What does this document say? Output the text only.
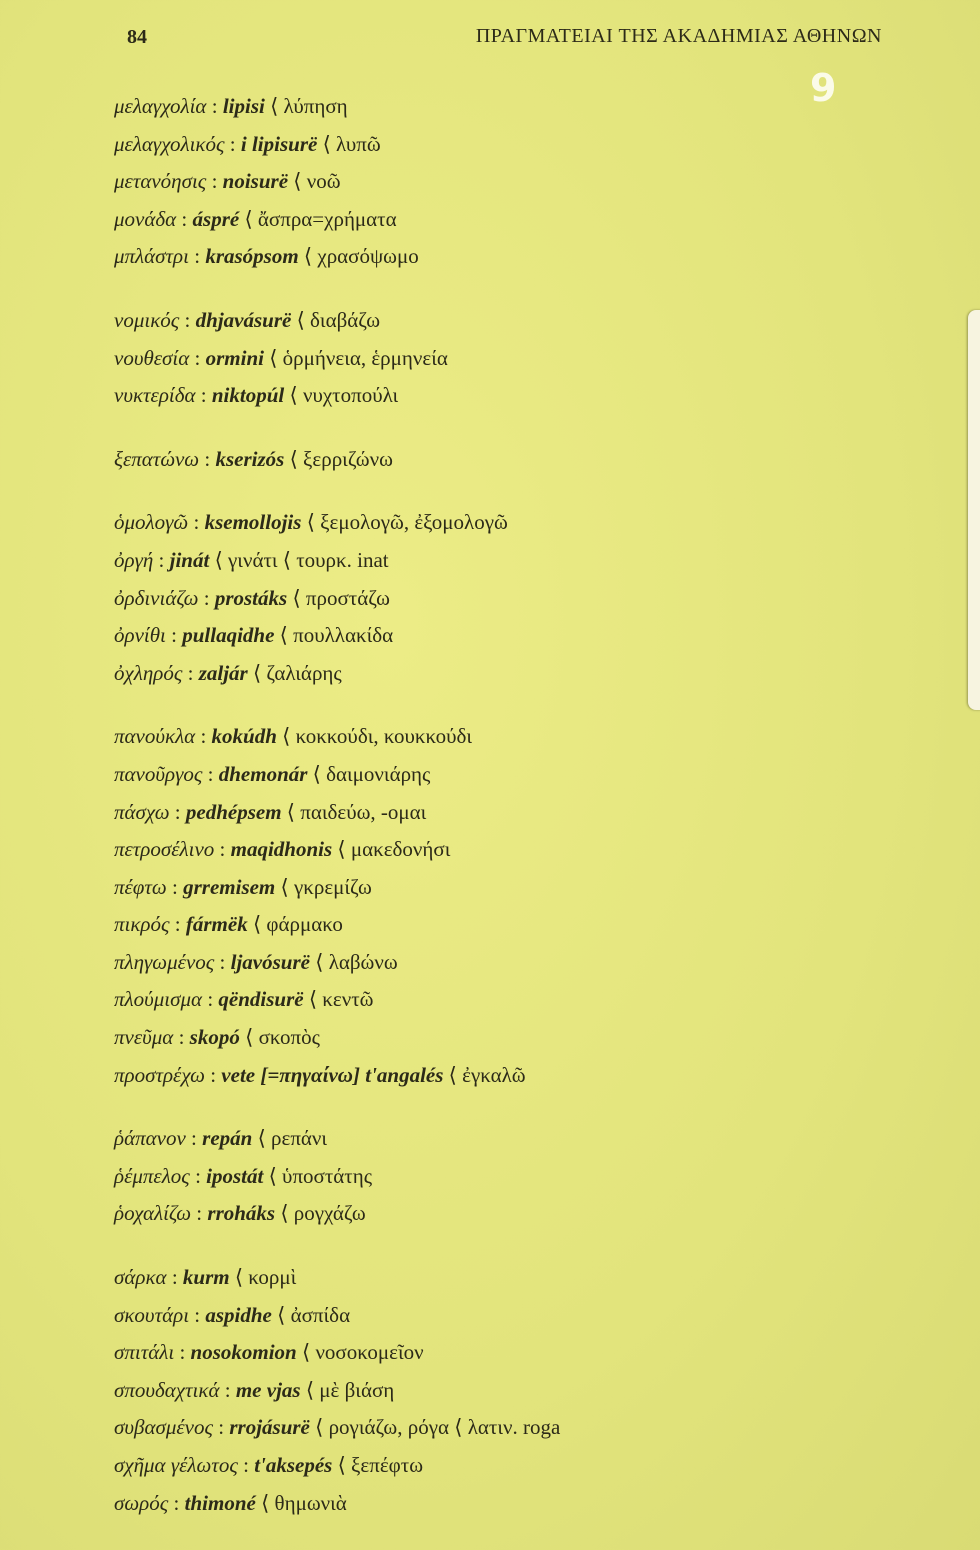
84	ΠΡΑΓΜΑΤΕΙΑΙ ΤΗΣ ΑΚΑΔΗΜΙΑΣ ΑΘΗΝΩΝ
9
μελαγχολία : lipisi ⟨ λύπηση
μελαγχολικός : i lipisurë ⟨ λυπῶ
μετανόησις : noisurë ⟨ νοῶ
μονάδα : áspré ⟨ ἄσπρα=χρήματα
μπλάστρι : krasópsom ⟨ χρασόψωμο
νομικός : dhjavásurë ⟨ διαβάζω
νουθεσία : ormini ⟨ ὁρμήνεια, ἑρμηνεία
νυκτερίδα : niktopúl ⟨ νυχτοπούλι
ξεπατώνω : kserizós ⟨ ξερριζώνω
ὁμολογῶ : ksemollojis ⟨ ξεμολογῶ, ἐξομολογῶ
ὀργή : jinát ⟨ γινάτι ⟨ τουρκ. inat
ὀρδινιάζω : prostáks ⟨ προστάζω
ὀρνίθι : pullaqidhe ⟨ πουλλακίδα
ὀχληρός : zaljár ⟨ ζαλιάρης
πανούκλα : kokúdh ⟨ κοκκούδι, κουκκούδι
πανοῦργος : dhemonár ⟨ δαιμονιάρης
πάσχω : pedhépsem ⟨ παιδεύω, -ομαι
πετροσέλινο : maqidhonis ⟨ μακεδονήσι
πέφτω : grremisem ⟨ γκρεμίζω
πικρός : fármëk ⟨ φάρμακο
πληγωμένος : ljavósurë ⟨ λαβώνω
πλούμισμα : qëndisurë ⟨ κεντῶ
πνεῦμα : skopó ⟨ σκοπὸς
προστρέχω : vete [=πηγαίνω] t'angalés ⟨ ἐγκαλῶ
ῥάπανον : repán ⟨ ρεπάνι
ῥέμπελος : ipostát ⟨ ὑποστάτης
ῥοχαλίζω : rroháks ⟨ ρογχάζω
σάρκα : kurm ⟨ κορμὶ
σκουτάρι : aspidhe ⟨ ἀσπίδα
σπιτάλι : nosokomion ⟨ νοσοκομεῖον
σπουδαχτικά : me vjas ⟨ μὲ βιάση
συβασμένος : rrojásurë ⟨ ρογιάζω, ρόγα ⟨ λατιν. roga
σχῆμα γέλωτος : t'aksepés ⟨ ξεπέφτω
σωρός : thimoné ⟨ θημωνιὰ
